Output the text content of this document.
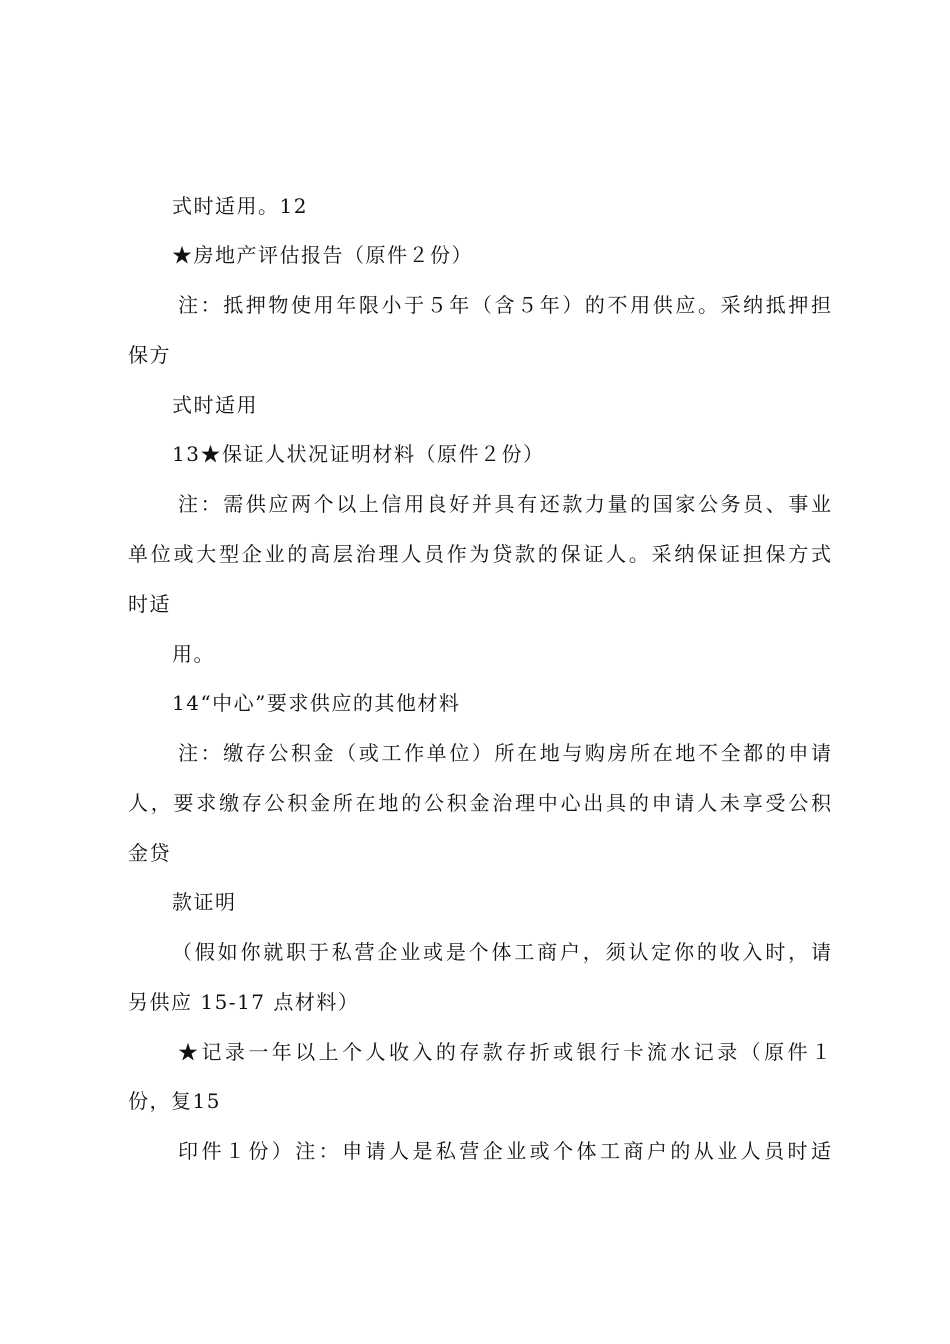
式时适用。12

★房地产评估报告（原件２份）

注：抵押物使用年限小于５年（含５年）的不用供应。采纳抵押担

保方

式时适用

13★保证人状况证明材料（原件２份）

注：需供应两个以上信用良好并具有还款力量的国家公务员、事业

单位或大型企业的高层治理人员作为贷款的保证人。采纳保证担保方式

时适

用。

14“中心”要求供应的其他材料

注：缴存公积金（或工作单位）所在地与购房所在地不全都的申请

人，要求缴存公积金所在地的公积金治理中心出具的申请人未享受公积

金贷

款证明

（假如你就职于私营企业或是个体工商户，须认定你的收入时，请

另供应 15-17 点材料）

★记录一年以上个人收入的存款存折或银行卡流水记录（原件１

份，复15

印件１份）注：申请人是私营企业或个体工商户的从业人员时适
